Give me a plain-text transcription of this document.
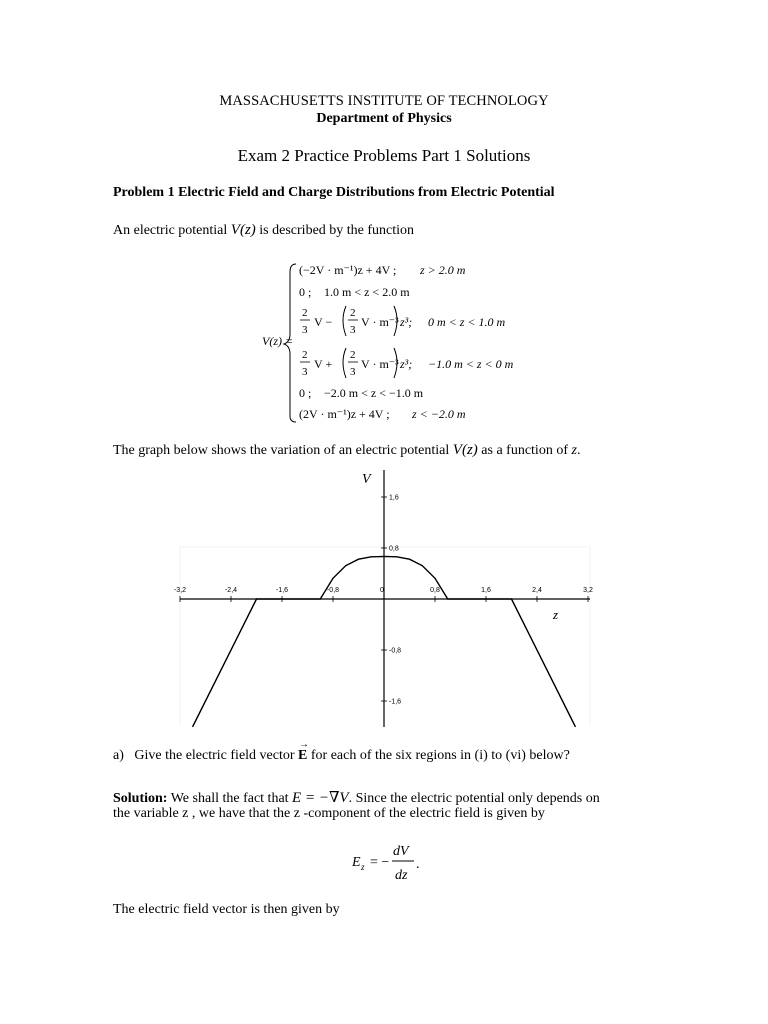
MASSACHUSETTS INSTITUTE OF TECHNOLOGY
Department of Physics
Exam 2 Practice Problems Part 1 Solutions
Problem 1 Electric Field and Charge Distributions from Electric Potential
An electric potential V(z) is described by the function
V(z) =
(−2V · m⁻¹)z + 4V ; z > 2.0 m
0 ; 1.0 m < z < 2.0 m
2
3
V −
2
3
V · m⁻³ z³; 0 m < z < 1.0 m
2
3
V +
2
3
V · m⁻³ z³; −1.0 m < z < 0 m
0 ; −2.0 m < z < −1.0 m
(2V · m⁻¹)z + 4V ; z < −2.0 m
The graph below shows the variation of an electric potential V(z) as a function of z.
-3,2	-2,4	-1,6	-0,8	0	0,8	1,6	2,4	3,2
1,6
0,8
-0,8
-1,6
V
z
a) Give the electric field vector
→
E for each of the six regions in (i) to (vi) below?
Solution: We shall the fact that E = −∇V. Since the electric potential only depends on
the variable z , we have that the z -component of the electric field is given by
E z = −
dV
dz
.
The electric field vector is then given by
